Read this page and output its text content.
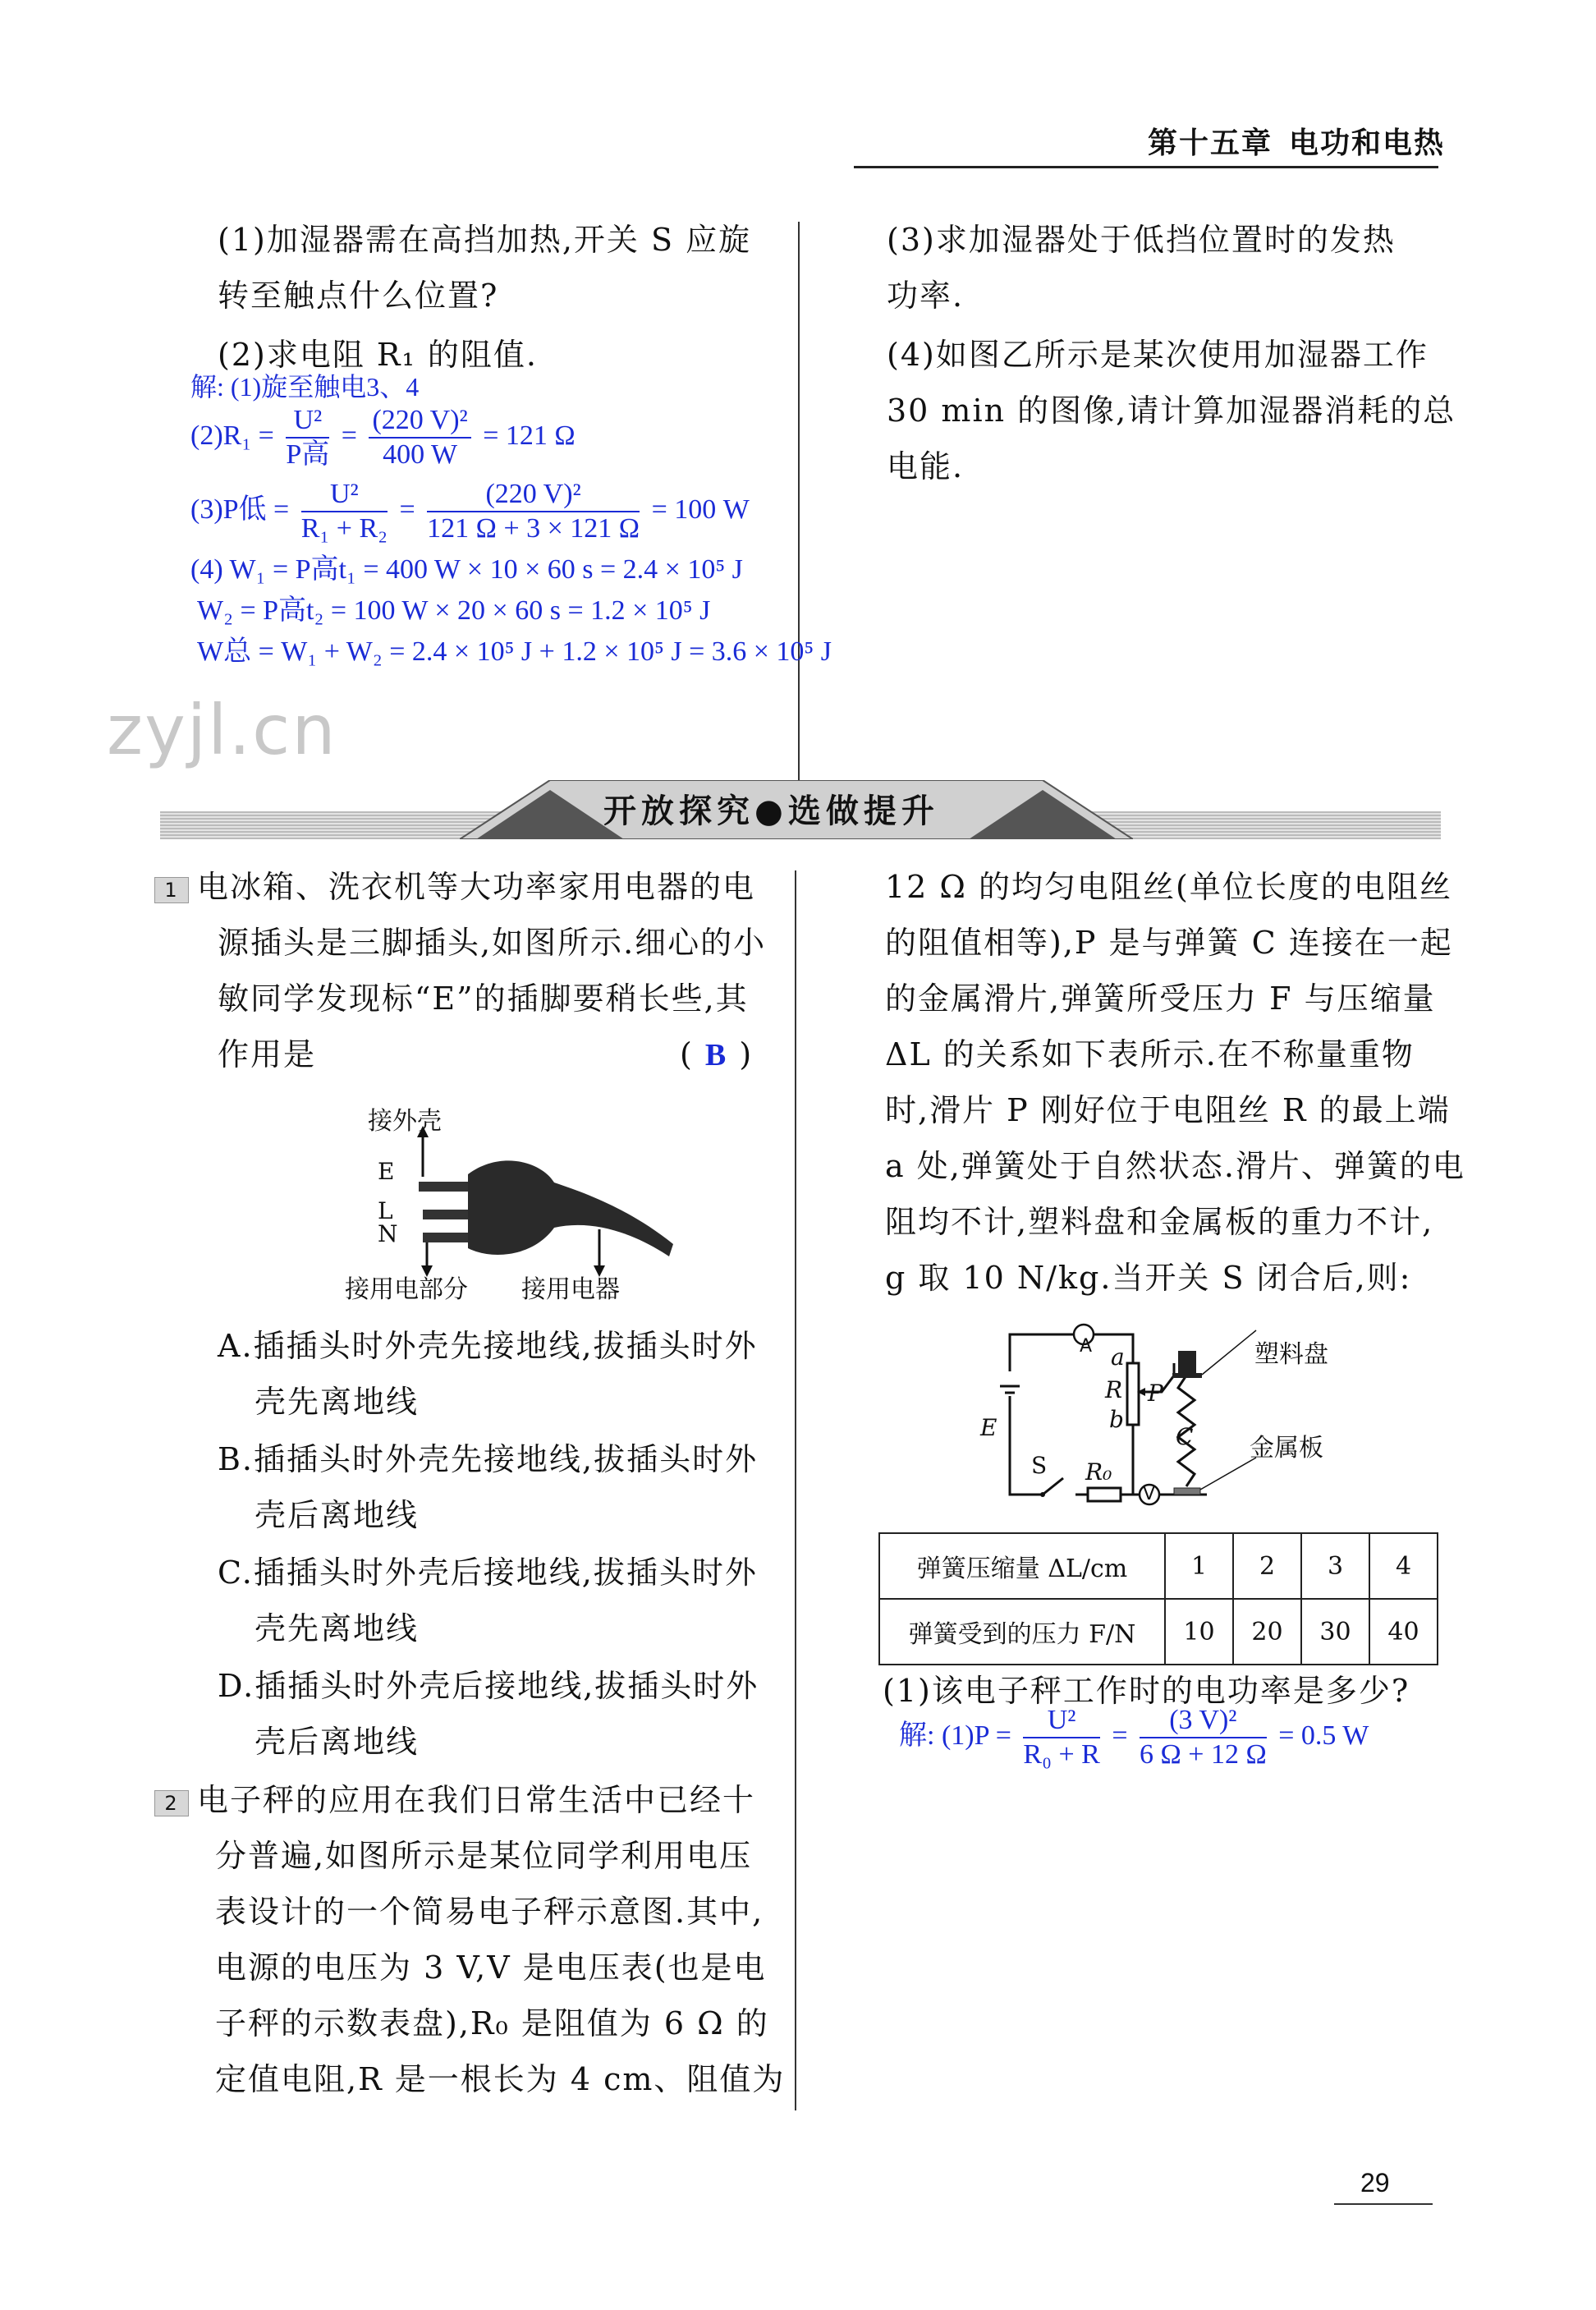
第十五章 电功和电热
(1)加湿器需在高挡加热,开关 S 应旋
转至触点什么位置?
(2)求电阻 R₁ 的阻值.
解: (1)旋至触电3、4
$(2)R_1 = \frac{\text{U²}}{\text{P高}} = \frac{\text{(220 V)²}}{400 W} = 121$ Ω
(3)P低 = $\frac{\text{U²}}{\text{R₁ + R₂}} = \frac{\text{(220 V)²}}{121 \Omega + 3 \times 121 \Omega} = 100$ W
(4) W₁ = P高t₁ = 400 W × 10 × 60 s = 2.4 × 10⁵ J
W₂ = P高t₂ = 100 W × 20 × 60 s = 1.2 × 10⁵ J
W总 = W₁ + W₂ = 2.4 × 10⁵ J + 1.2 × 10⁵ J = 3.6 × 10⁵ J
(3)求加湿器处于低挡位置时的发热
功率.
(4)如图乙所示是某次使用加湿器工作
30 min 的图像,请计算加湿器消耗的总
电能.
zyjl.cn
开放探究●选做提升
1 电冰箱、洗衣机等大功率家用电器的电
源插头是三脚插头,如图所示.细心的小
敏同学发现标“E”的插脚要稍长些,其
作用是	( B )
接外壳
E
L
N
接用电部分 接用电器
A.插插头时外壳先接地线,拔插头时外
壳先离地线
B.插插头时外壳先接地线,拔插头时外
壳后离地线
C.插插头时外壳后接地线,拔插头时外
壳先离地线
D.插插头时外壳后接地线,拔插头时外
壳后离地线
2 电子秤的应用在我们日常生活中已经十
分普遍,如图所示是某位同学利用电压
表设计的一个简易电子秤示意图.其中,
电源的电压为 3 V,V 是电压表(也是电
子秤的示数表盘),R₀ 是阻值为 6 Ω 的
定值电阻,R 是一根长为 4 cm、阻值为
12 Ω 的均匀电阻丝(单位长度的电阻丝
的阻值相等),P 是与弹簧 C 连接在一起
的金属滑片,弹簧所受压力 F 与压缩量
ΔL 的关系如下表所示.在不称量重物
时,滑片 P 刚好位于电阻丝 R 的最上端
a 处,弹簧处于自然状态.滑片、弹簧的电
阻均不计,塑料盘和金属板的重力不计,
g 取 10 N/kg.当开关 S 闭合后,则:
A a
R P
b
E	C
S R₀
V
塑料盘
金属板
弹簧压缩量 ΔL/cm	1	2	3	4
弹簧受到的压力 F/N	10	20	30	40
(1)该电子秤工作时的电功率是多少?
解: $(1)P = \frac{\text{U²}}{\text{R₀ + R}} = \frac{\text{(3 V)²}}{6 \Omega + 12 \Omega} = 0.5$ W
29
